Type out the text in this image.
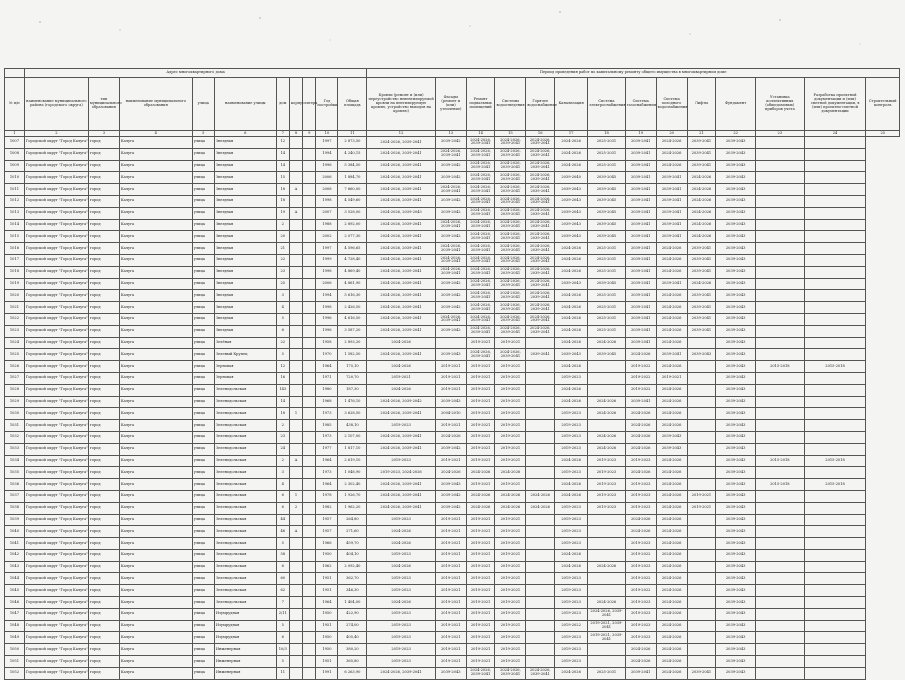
	Адрес многоквартирного дома										Период проведения работ по капитальному ремонту общего имущества в многоквартирном доме													
№ п/п	наименование муниципального района (городского округа)	тип муниципального образования	наименование муниципального образования	улица	наименование улицы	дом	корпус	литера	Год постройки	Общая площадь	Кровли (ремонт и (или) переустройство невентилируемой кровли на вентилируемую кровлю, устройство выходов на кровлю)	Фасады (ремонт и (или) утепление)	Ремонт подвальных помещений	Системы водоотведения	Горячее водоснабжение	Канализация	Система электроснабжения	Система газоснабжения	Система холодного водоснабжения	Лифты	Фундамент	Установка коллективных (общедомовых) приборов учета	Разработка проектной документации и (или) сметной документации, в (или) проектно-сметной документации	Строительный контроль
1	2	3	4	5	6	7	8	9	10	11	12	13	14	15	16	17	18	19	20	21	22	23	24	25
1007	Городской округ "Город Калуга"	город	Калуга	улица	Звездная	12			1997	2 873,50	2024-2026, 2039-2041	2039-2042	2024-2026, 2039-2041	2024-2026, 2039-2041	2024-2026, 2039-2041	2024-2026	2025-2031	2039-2041	2024-2026	2039-2041	2039-2043			
1008	Городской округ "Город Калуга"	город	Калуга	улица	Звездная	14			1994	4 240,15	2024-2026, 2039-2041	2024-2026, 2039-2041	2024-2026, 2039-2041	2024-2026, 2039-2041	2024-2026, 2039-2041	2024-2026	2025-2031	2039-2041	2024-2026	2039-2041	2039-2043			
1009	Городской округ "Город Калуга"	город	Калуга	улица	Звездная	14			1996	5 384,50	2024-2026, 2039-2041	2039-2042	2024-2026, 2039-2041	2024-2026, 2039-2041	2024-2026, 2039-2041	2024-2026	2025-2031	2039-2041	2024-2026	2039-2041	2039-2043			
1010	Городской округ "Город Калуга"	город	Калуга	улица	Звездная	15			2006	1 884,70	2024-2026, 2039-2041	2039-2042	2024-2026, 2039-2041	2024-2026, 2039-2041	2024-2026, 2039-2041	2039-2040	2039-2045	2039-2041	2039-2041	2024-2026	2039-2043			
1011	Городской округ "Город Калуга"	город	Калуга	улица	Звездная	18	А		2008	7 660,00	2024-2026, 2039-2041	2024-2026, 2039-2041	2024-2026, 2039-2041	2024-2026, 2039-2041	2024-2026, 2039-2041	2039-2043	2039-2045	2039-2041	2039-2041	2024-2026	2039-2043			
1012	Городской округ "Город Калуга"	город	Калуга	улица	Звездная	18			1998	4 549,60	2024-2026, 2039-2041	2039-2042	2024-2026, 2039-2041	2024-2026, 2039-2041	2024-2026, 2039-2041	2039-2043	2039-2045	2039-2041	2039-2041	2024-2026	2039-2043			
1013	Городской округ "Город Калуга"	город	Калуга	улица	Звездная	19	А		2007	3 528,00	2024-2026, 2039-2043	2039-2042	2024-2026, 2039-2041	2024-2026, 2039-2041	2024-2026, 2039-2041	2039-2043	2039-2045	2039-2041	2039-2041	2024-2026	2039-2043			
1014	Городской округ "Город Калуга"	город	Калуга	улица	Звездная	2			1988	2 892,00	2024-2026, 2039-2041	2024-2026, 2039-2041	2024-2026, 2039-2041	2024-2026, 2039-2041	2024-2026, 2039-2041	2039-2043	2039-2045	2039-2041	2039-2041	2024-2026	2039-2043			
1015	Городской округ "Город Калуга"	город	Калуга	улица	Звездная	20			2002	2 077,30	2024-2026, 2039-2041	2039-2042	2024-2026, 2039-2041	2024-2026, 2039-2041	2024-2026, 2039-2041	2039-2043	2039-2045	2039-2041	2039-2041	2024-2026	2039-2043			
1016	Городской округ "Город Калуга"	город	Калуга	улица	Звездная	21			1997	4 596,65	2024-2026, 2039-2041	2024-2026, 2039-2041	2024-2026, 2039-2041	2024-2026, 2039-2041	2024-2026, 2039-2041	2024-2026	2025-2031	2039-2041	2024-2026	2039-2041	2039-2043			
1017	Городской округ "Город Калуга"	город	Калуга	улица	Звездная	22			1999	4 728,40	2024-2026, 2039-2041	2024-2026, 2039-2041	2024-2026, 2039-2041	2024-2026, 2039-2041	2024-2026, 2039-2041	2024-2026	2025-2031	2039-2041	2024-2026	2039-2041	2039-2043			
1018	Городской округ "Город Калуга"	город	Калуга	улица	Звездная	23			1998	4 869,40	2024-2026, 2039-2041	2024-2026, 2039-2041	2024-2026, 2039-2041	2024-2026, 2039-2041	2024-2026, 2039-2041	2024-2026	2025-2031	2039-2041	2024-2026	2039-2041	2039-2043			
1019	Городской округ "Город Калуга"	город	Калуга	улица	Звездная	25			2006	4 861,90	2024-2026, 2039-2041	2039-2042	2024-2026, 2039-2041	2024-2026, 2039-2041	2024-2026, 2039-2041	2039-2043	2039-2045	2039-2041	2039-2041	2024-2026	2039-2043			
1020	Городской округ "Город Калуга"	город	Калуга	улица	Звездная	3			1994	5 616,30	2024-2026, 2039-2041	2039-2042	2024-2026, 2039-2041	2024-2026, 2039-2041	2024-2026, 2039-2041	2024-2026	2025-2031	2039-2041	2024-2026	2039-2041	2039-2043			
1021	Городской округ "Город Калуга"	город	Калуга	улица	Звездная	4			1998	2 426,50	2024-2026, 2039-2041	2039-2042	2024-2026, 2039-2041	2024-2026, 2039-2041	2024-2026, 2039-2041	2024-2026	2025-2031	2039-2041	2024-2026	2039-2041	2039-2043			
1022	Городской округ "Город Калуга"	город	Калуга	улица	Звездная	5			1996	4 616,50	2024-2026, 2039-2041	2024-2026, 2039-2041	2024-2026, 2039-2041	2024-2026, 2039-2041	2024-2026, 2039-2041	2024-2026	2025-2031	2039-2041	2024-2026	2039-2041	2039-2043			
1023	Городской округ "Город Калуга"	город	Калуга	улица	Звездная	6			1996	3 587,20	2024-2026, 2039-2041	2039-2042	2024-2026, 2039-2041	2024-2026, 2039-2041	2024-2026, 2039-2041	2024-2026	2025-2031	2039-2041	2024-2026	2039-2041	2039-2043			
1024	Городской округ "Город Калуга"	город	Калуга	улица	Зелёная	22			1958	2 893,20	2024-2026		2019-2021	2019-2021		2024-2026	2024-2026	2039-2041	2024-2026		2039-2043			
1025	Городской округ "Город Калуга"	город	Калуга	улица	Зеленый Крупец	5			1970	1 582,50	2024-2026, 2039-2041	2039-2043	2024-2026, 2039-2041	2024-2026, 2039-2041	2039-2041	2039-2043	2039-2045	2024-2026	2039-2041	2039-2043	2039-2043			
1026	Городской округ "Город Калуга"	город	Калуга	улица	Зерновая	12			1964	175,10	2024-2026	2019-2021	2019-2021	2019-2021		2024-2026		2019-2022	2024-2026		2039-2043	2015-2018	2015-2018	
1027	Городской округ "Город Калуга"	город	Калуга	улица	Зерновая	16			1971	720,70	2019-2021	2019-2021	2019-2021	2019-2021		2019-2023		2019-2022	2019-2021		2039-2043			
1028	Городской округ "Город Калуга"	город	Калуга	улица	Зеленодольская	143			1980	187,30	2024-2026	2019-2021	2019-2021	2019-2021		2024-2026		2019-2022	2024-2026		2039-2043			
1029	Городской округ "Город Калуга"	город	Калуга	улица	Зеленодольская	14			1968	1 476,10	2024-2026, 2039-2042	2039-2043	2019-2021	2019-2021		2024-2026	2024-2026	2039-2041	2024-2026		2039-2043			
1030	Городской округ "Город Калуга"	город	Калуга	улица	Зеленодольская	18	1		1973	3 628,50	2024-2026, 2039-2041	2004-2010	2019-2021	2019-2021		2019-2023	2024-2026	2024-2026	2024-2026		2039-2043			
1031	Городской округ "Город Калуга"	город	Калуга	улица	Зеленодольская	2			1985	438,10	2019-2023	2019-2021	2019-2021	2019-2021		2019-2023		2024-2026	2024-2026		2039-2043			
1032	Городской округ "Город Калуга"	город	Калуга	улица	Зеленодольская	23			1973	2 107,00	2024-2026, 2039-2041	2024-2026	2019-2021	2019-2021		2019-2023	2024-2026	2024-2026	2039-2043		2039-2043			
1033	Городской округ "Город Калуга"	город	Калуга	улица	Зеленодольская	24			1977	1 817,10	2024-2026, 2039-2041	2039-2042	2019-2021	2019-2021		2019-2023	2024-2026	2024-2026	2039-2043		2039-2043			
1034	Городской округ "Город Калуга"	город	Калуга	улица	Зеленодольская	2	А		1964	2 619,10	2019-2023	2019-2021	2019-2021	2019-2021		2024-2026	2019-2023	2019-2023	2024-2026		2039-2043	2015-2018	2015-2018	
1035	Городской округ "Город Калуга"	город	Калуга	улица	Зеленодольская	3			1973	1 048,90	2019-2023, 2024-2026	2024-2026	2024-2026	2024-2026		2019-2023	2019-2023	2024-2026	2024-2026		2039-2043			
1036	Городской округ "Город Калуга"	город	Калуга	улица	Зеленодольская	4			1964	2 302,40	2024-2026, 2039-2041	2039-2043	2019-2021	2019-2021		2024-2026	2019-2023	2019-2023	2024-2026		2039-2043	2015-2018	2015-2018	
1037	Городской округ "Город Калуга"	город	Калуга	улица	Зеленодольская	6	1		1978	1 926,70	2024-2026, 2039-2041	2039-2042	2024-2026	2024-2026	2024-2026	2024-2026	2019-2023	2019-2023	2024-2026	2019-2021	2039-2043			
1038	Городской округ "Город Калуга"	город	Калуга	улица	Зеленодольская	6	2		1982	1 962,20	2024-2026, 2039-2041	2039-2042	2024-2026	2024-2026	2024-2026	2019-2023	2019-2023	2019-2023	2024-2026	2019-2021	2039-2043			
1039	Городской округ "Город Калуга"	город	Калуга	улица	Зеленодольская	44			1957	264,80	2019-2023	2019-2021	2019-2021	2019-2021		2019-2023		2024-2026	2024-2026		2039-2043			
1040	Городской округ "Город Калуга"	город	Калуга	улица	Зеленодольская	46	А		1957	271,60	2024-2026	2019-2021	2019-2021	2019-2021		2019-2023		2024-2026	2024-2026		2039-2043			
1041	Городской округ "Город Калуга"	город	Калуга	улица	Зеленодольская	5			1966	459,70	2024-2026	2019-2021	2019-2021	2019-2021		2019-2023		2019-2023	2024-2026		2039-2043			
1042	Городской округ "Город Калуга"	город	Калуга	улица	Зеленодольская	58			1950	404,10	2019-2023	2019-2021	2019-2021	2019-2021		2024-2026		2019-2022	2024-2026		2039-2043			
1043	Городской округ "Город Калуга"	город	Калуга	улица	Зеленодольская	6			1962	2 092,40	2024-2026	2019-2021	2019-2021	2019-2021		2024-2026	2024-2026	2019-2023	2024-2026		2039-2043			
1044	Городской округ "Город Калуга"	город	Калуга	улица	Зеленодольская	60			1951	362,70	2019-2023	2019-2021	2019-2021	2019-2021		2019-2023		2019-2022	2024-2026		2039-2043			
1045	Городской округ "Город Калуга"	город	Калуга	улица	Зеленодольская	62			1951	346,30	2019-2023	2019-2021	2019-2021	2019-2021		2019-2023		2019-2022	2024-2026		2039-2043			
1046	Городской округ "Город Калуга"	город	Калуга	улица	Зеленодольская	7			1964	1 404,00	2024-2026	2019-2021	2019-2021	2019-2021		2019-2023	2024-2026	2019-2023	2024-2026		2039-2043			
1047	Городской округ "Город Калуга"	город	Калуга	улица	Изумрудная	2/11			1950	422,90	2019-2023	2019-2021	2019-2021	2019-2021		2019-2023	2024-2026, 2039-2041	2019-2023	2024-2026		2039-2043			
1048	Городской округ "Город Калуга"	город	Калуга	улица	Изумрудная	5			1951	274,00	2019-2023	2019-2021	2019-2021	2019-2021		2019-2022	2019-2021, 2039-2041	2019-2023	2024-2026		2039-2043			
1049	Городской округ "Город Калуга"	город	Калуга	улица	Изумрудная	6			1950	405,40	2019-2023	2019-2021	2019-2021	2019-2021		2019-2023	2019-2021, 2039-2041	2019-2023	2024-2026		2039-2043			
1050	Городской округ "Город Калуга"	город	Калуга	улица	Инженерная	10/3			1950	380,20	2019-2023	2019-2021	2019-2021	2019-2021		2019-2023		2024-2026	2024-2026		2039-2043			
1051	Городской округ "Город Калуга"	город	Калуга	улица	Инженерная	5			1951	365,80	2019-2023	2019-2021	2019-2021	2019-2021		2019-2023		2024-2026	2024-2026		2039-2043			
1052	Городской округ "Город Калуга"	город	Калуга	улица	Инженерная	11			1991	6 263,90	2024-2026, 2039-2041	2039-2043	2024-2026, 2039-2041	2024-2026, 2039-2041	2024-2026, 2039-2041	2024-2026	2025-2031	2039-2041	2024-2026	2039-2041	2039-2043			
